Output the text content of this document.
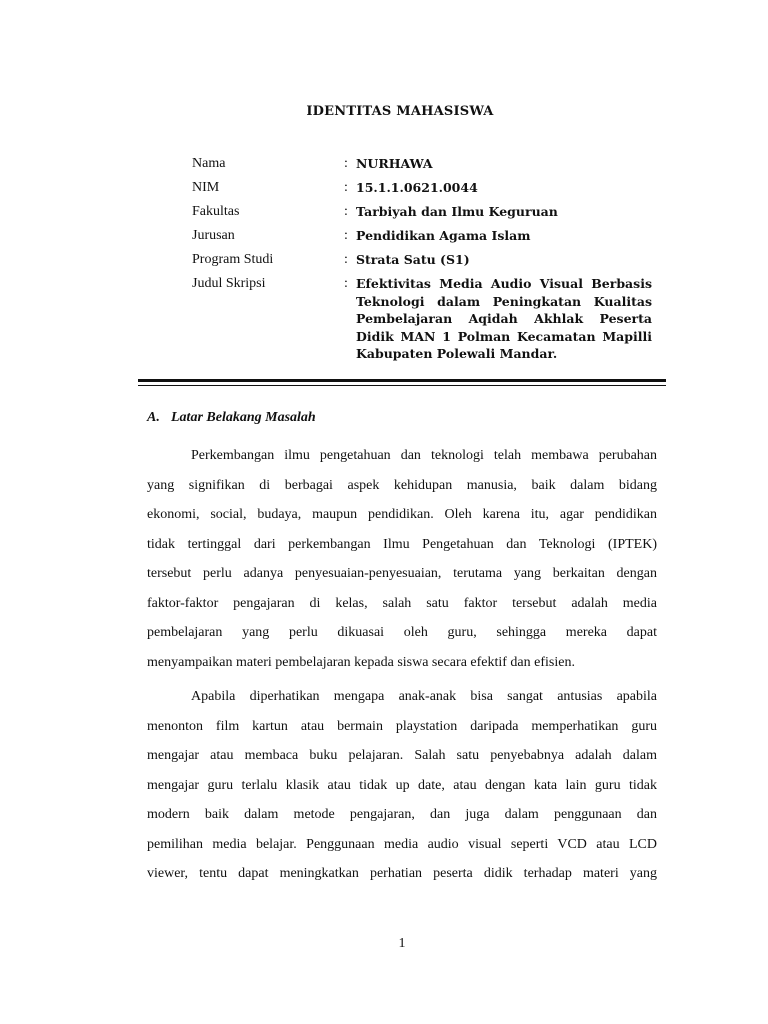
IDENTITAS MAHASISWA
Nama	: NURHAWA
NIM	: 15.1.1.0621.0044
Fakultas	: Tarbiyah dan Ilmu Keguruan
Jurusan	: Pendidikan Agama Islam
Program Studi	: Strata Satu (S1)
Judul Skripsi	: Efektivitas Media Audio Visual Berbasis Teknologi dalam Peningkatan Kualitas Pembelajaran Aqidah Akhlak Peserta Didik MAN 1 Polman Kecamatan Mapilli Kabupaten Polewali Mandar.
A. Latar Belakang Masalah
Perkembangan ilmu pengetahuan dan teknologi telah membawa perubahan
yang signifikan di berbagai aspek kehidupan manusia, baik dalam bidang
ekonomi, social, budaya, maupun pendidikan. Oleh karena itu, agar pendidikan
tidak tertinggal dari perkembangan Ilmu Pengetahuan dan Teknologi (IPTEK)
tersebut perlu adanya penyesuaian-penyesuaian, terutama yang berkaitan dengan
faktor-faktor pengajaran di kelas, salah satu faktor tersebut adalah media
pembelajaran yang perlu dikuasai oleh guru, sehingga mereka dapat
menyampaikan materi pembelajaran kepada siswa secara efektif dan efisien.
Apabila diperhatikan mengapa anak-anak bisa sangat antusias apabila
menonton film kartun atau bermain playstation daripada memperhatikan guru
mengajar atau membaca buku pelajaran. Salah satu penyebabnya adalah dalam
mengajar guru terlalu klasik atau tidak up date, atau dengan kata lain guru tidak
modern baik dalam metode pengajaran, dan juga dalam penggunaan dan
pemilihan media belajar. Penggunaan media audio visual seperti VCD atau LCD
viewer, tentu dapat meningkatkan perhatian peserta didik terhadap materi yang
1
